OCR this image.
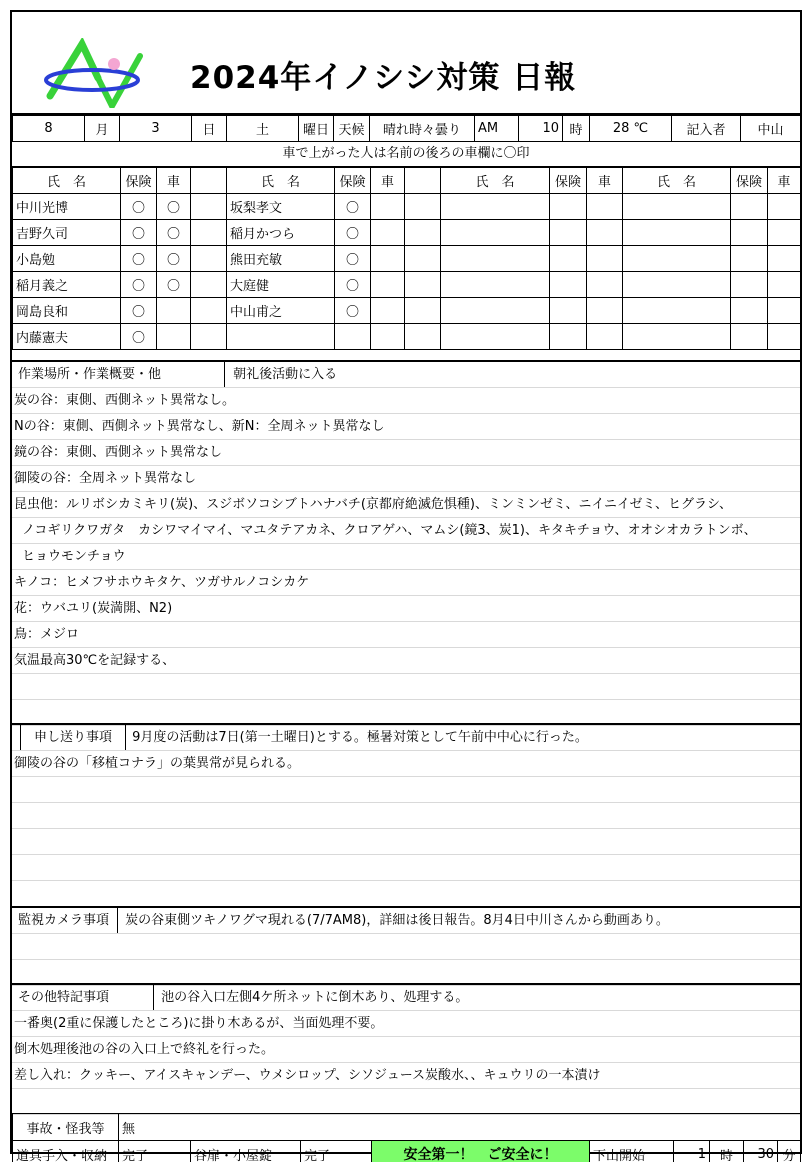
2024年イノシシ対策 日報
8	月	3	日	土	曜日	天候	晴れ時々曇り	AM	10	時	28 ℃	記入者	中山
車で上がった人は名前の後ろの車欄に〇印
氏　名	保険	車		氏　名	保険	車		氏　名	保険	車	氏　名	保険	車
中川光博	〇	〇		坂梨孝文	〇								
吉野久司	〇	〇		稲月かつら	〇								
小島勉	〇	〇		熊田充敏	〇								
稲月義之	〇	〇		大庭健	〇								
岡島良和	〇			中山甫之	〇								
内藤憲夫	〇												
作業場所・作業概要・他	朝礼後活動に入る
炭の谷：東側、西側ネット異常なし。
Nの谷：東側、西側ネット異常なし、新N：全周ネット異常なし
鏡の谷：東側、西側ネット異常なし
御陵の谷：全周ネット異常なし
昆虫他：ルリボシカミキリ(炭)、スジボソコシブトハナバチ(京都府絶滅危惧種)、ミンミンゼミ、ニイニイゼミ、ヒグラシ、
ノコギリクワガタ　カシワマイマイ、マユタテアカネ、クロアゲハ、マムシ(鏡3、炭1)、キタキチョウ、オオシオカラトンボ、
ヒョウモンチョウ
キノコ：ヒメフサホウキタケ、ツガサルノコシカケ
花：ウバユリ(炭満開、N2)
鳥：メジロ
気温最高30℃を記録する、
申し送り事項 9月度の活動は7日(第一土曜日)とする。極暑対策として午前中中心に行った。
御陵の谷の「移植コナラ」の葉異常が見られる。
監視カメラ事項 炭の谷東側ツキノワグマ現れる(7/7AM8)，詳細は後日報告。8月4日中川さんから動画あり。
その他特記事項	池の谷入口左側4ケ所ネットに倒木あり、処理する。
一番奥(2重に保護したところ)に掛り木あるが、当面処理不要。
倒木処理後池の谷の入口上で終礼を行った。
差し入れ：クッキー、アイスキャンデー、ウメシロップ、シソジュース炭酸水、、キュウリの一本漬け
事故・怪我等	無
道具手入・収納	完了	谷扉・小屋錠	完了	安全第一！　ご安全に！	下山開始	1	時	30	分
